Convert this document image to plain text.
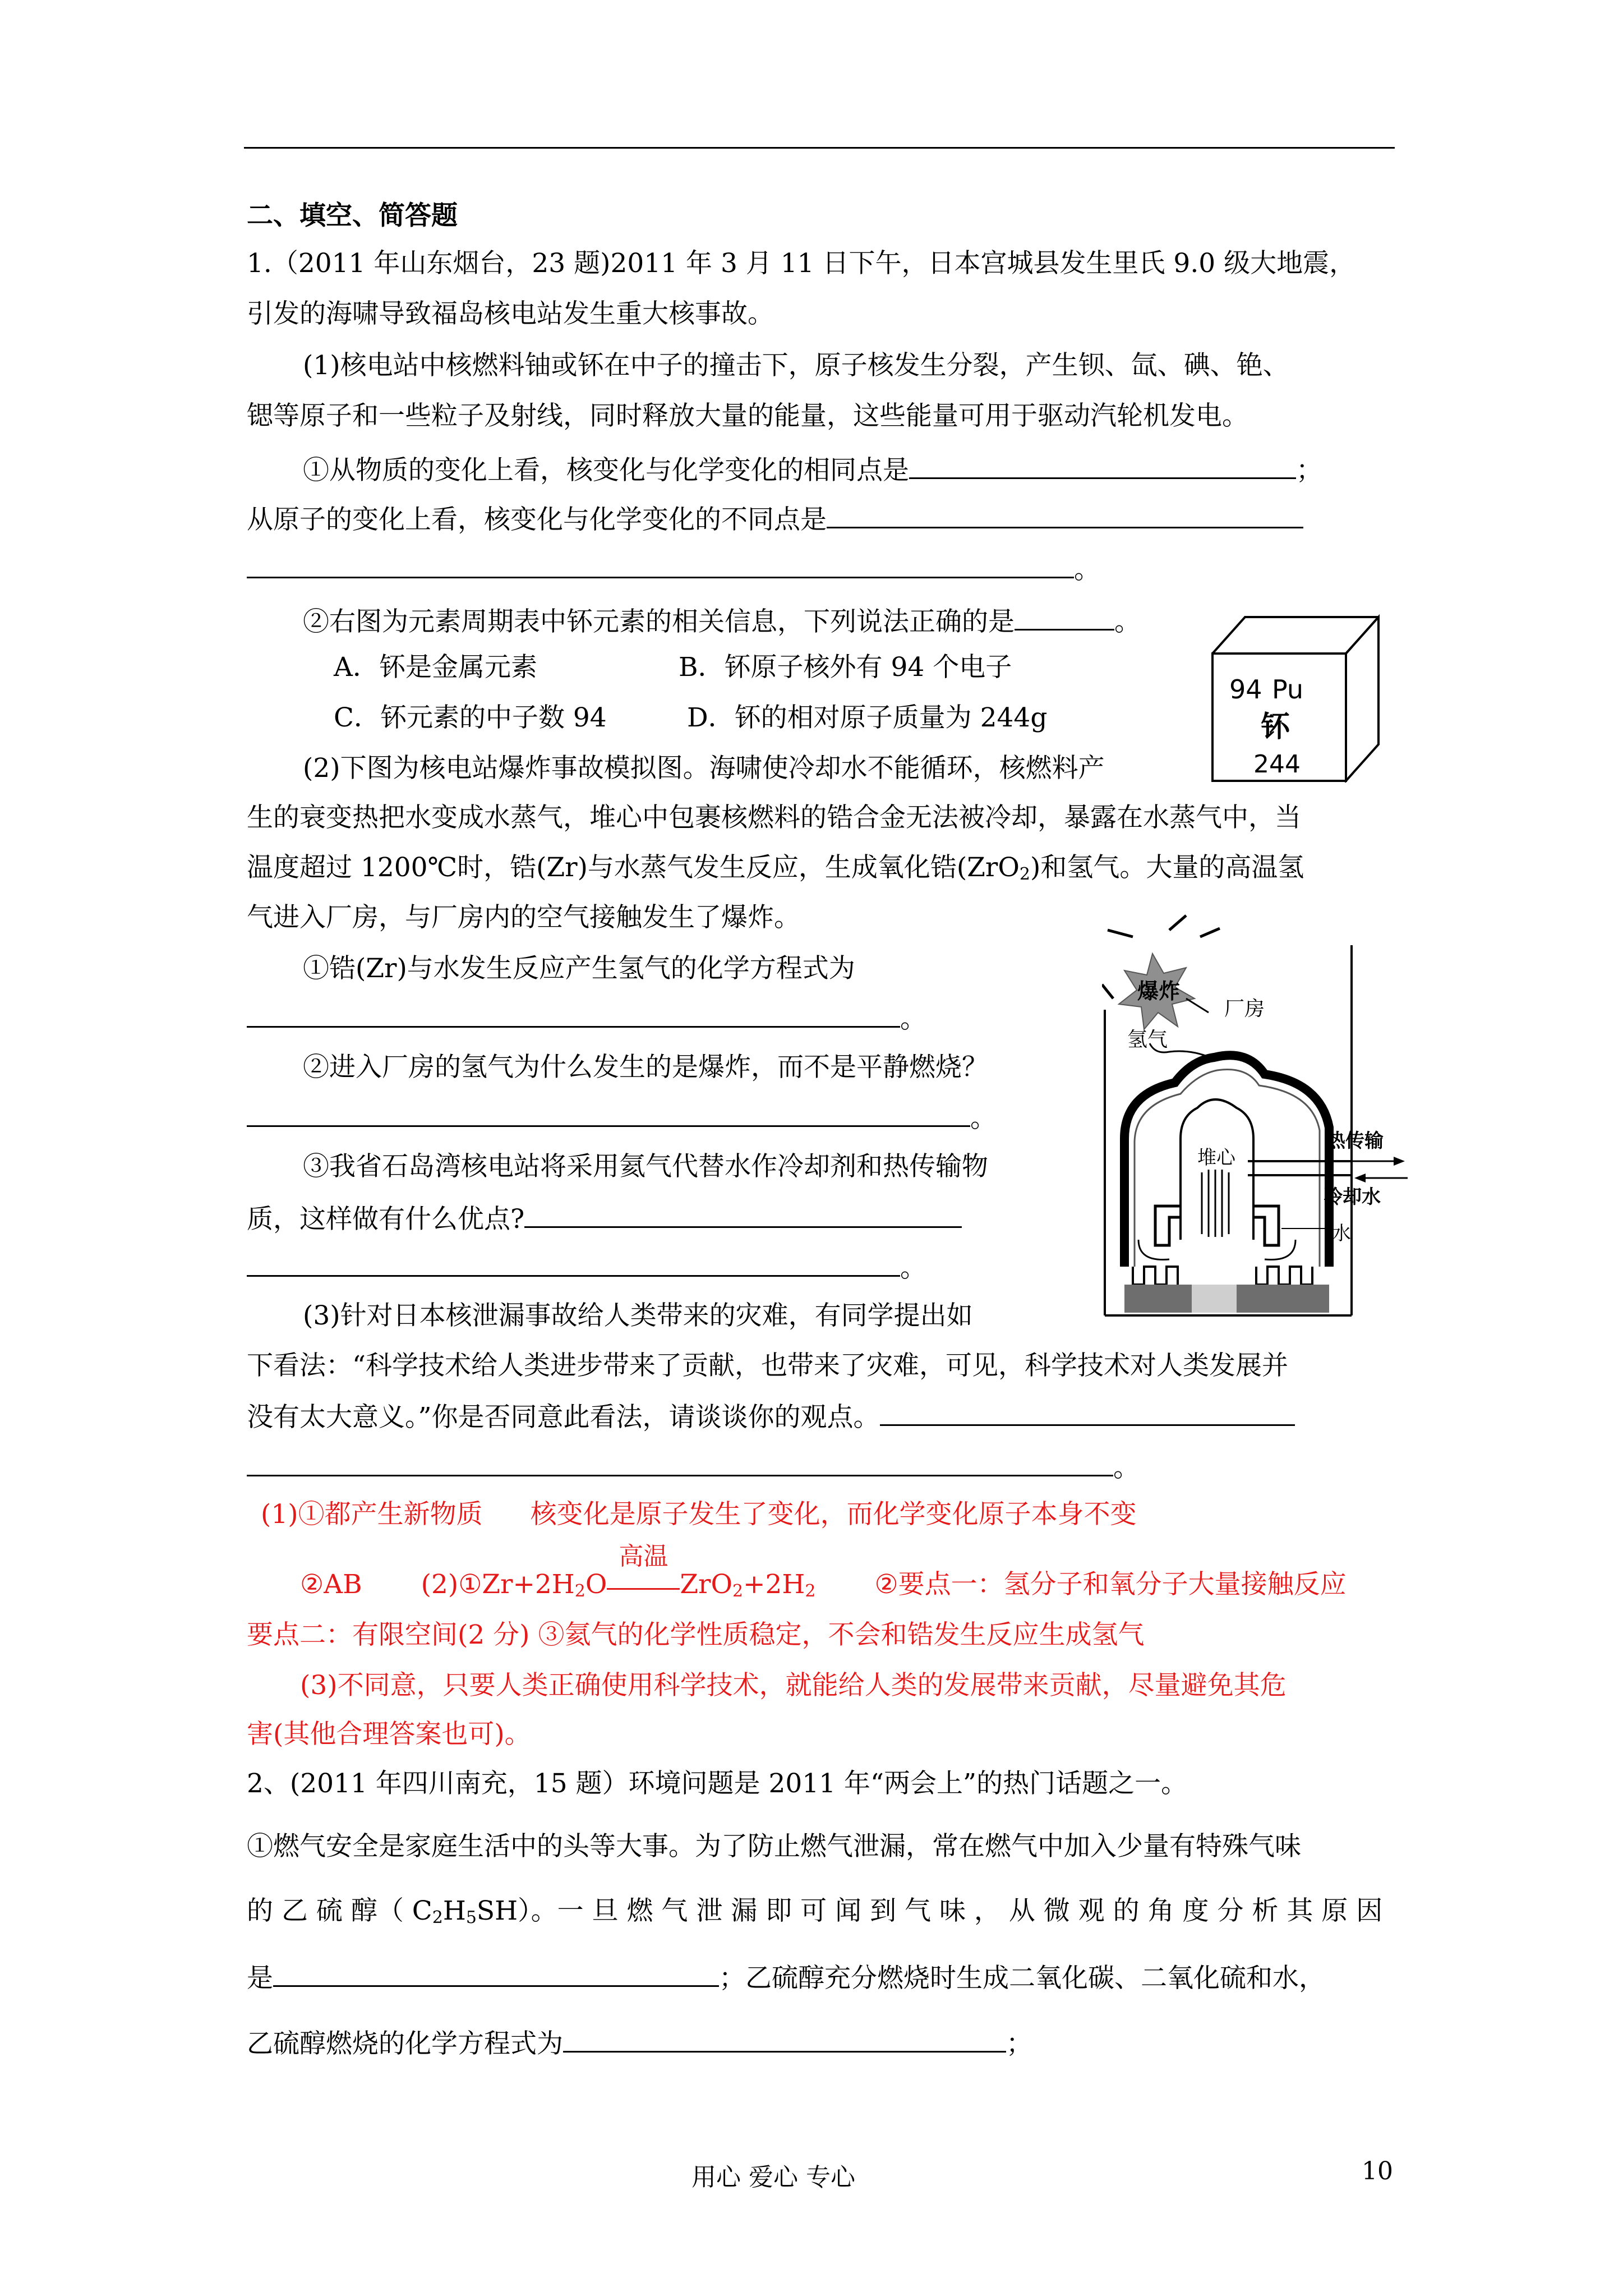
二、填空、简答题
1.（2011 年山东烟台，23 题)2011 年 3 月 11 日下午，日本宫城县发生里氏 9.0 级大地震，
引发的海啸导致福岛核电站发生重大核事故。
(1)核电站中核燃料铀或钚在中子的撞击下，原子核发生分裂，产生钡、氙、碘、铯、
锶等原子和一些粒子及射线，同时释放大量的能量，这些能量可用于驱动汽轮机发电。
①从物质的变化上看，核变化与化学变化的相同点是	；
从原子的变化上看，核变化与化学变化的不同点是
。
②右图为元素周期表中钚元素的相关信息，下列说法正确的是	。
A．钚是金属元素	B．钚原子核外有 94 个电子
C．钚元素的中子数 94	D．钚的相对原子质量为 244g
94 Pu
钚
244
(2)下图为核电站爆炸事故模拟图。海啸使冷却水不能循环，核燃料产
生的衰变热把水变成水蒸气，堆心中包裹核燃料的锆合金无法被冷却，暴露在水蒸气中，当
温度超过 1200℃时，锆(Zr)与水蒸气发生反应，生成氧化锆(ZrO$_2$)和氢气。大量的高温氢
气进入厂房，与厂房内的空气接触发生了爆炸。
①锆(Zr)与水发生反应产生氢气的化学方程式为
。
②进入厂房的氢气为什么发生的是爆炸，而不是平静燃烧？
。
③我省石岛湾核电站将采用氦气代替水作冷却剂和热传输物
质，这样做有什么优点?
。
爆炸
氢气
厂房
堆心
热传输
冷却水
水
(3)针对日本核泄漏事故给人类带来的灾难，有同学提出如
下看法：“科学技术给人类进步带来了贡献，也带来了灾难，可见，科学技术对人类发展并
没有太大意义。”你是否同意此看法，请谈谈你的观点。
。
(1)①都产生新物质 核变化是原子发生了变化，而化学变化原子本身不变
②AB $(2)①Zr+2H_2O$
高温
$ZrO_2+2H_2$ ②要点一：氢分子和氧分子大量接触反应
要点二：有限空间(2 分) ③氦气的化学性质稳定，不会和锆发生反应生成氢气
(3)不同意，只要人类正确使用科学技术，就能给人类的发展带来贡献，尽量避免其危
害(其他合理答案也可)。
2、(2011 年四川南充，15 题）环境问题是 2011 年“两会上”的热门话题之一。
①燃气安全是家庭生活中的头等大事。为了防止燃气泄漏，常在燃气中加入少量有特殊气味
的 乙 硫 醇（ $C_2H_5SH$）。一 旦 燃 气 泄 漏 即 可 闻 到 气 味 ， 从 微 观 的 角 度 分 析 其 原 因
是	；乙硫醇充分燃烧时生成二氧化碳、二氧化硫和水，
乙硫醇燃烧的化学方程式为	；
用心 爱心 专心	10
